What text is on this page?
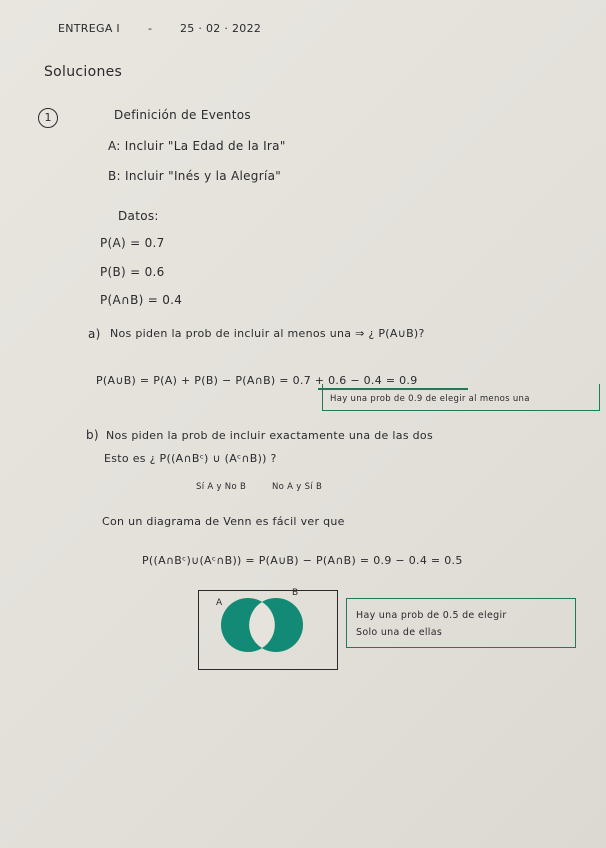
ENTREGA I	-	25 · 02 · 2022
Soluciones
1	Definición de Eventos
A: Incluir "La Edad de la Ira"
B: Incluir "Inés y la Alegría"
Datos:
P(A) = 0.7
P(B) = 0.6
P(A∩B) = 0.4
a) Nos piden la prob de incluir al menos una ⇒ ¿ P(A∪B)?
P(A∪B) = P(A) + P(B) − P(A∩B) = 0.7 + 0.6 − 0.4 = 0.9
Hay una prob de 0.9 de elegir al menos una
b) Nos piden la prob de incluir exactamente una de las dos
Esto es ¿ P((A∩Bᶜ) ∪ (Aᶜ∩B)) ?
Sí A y No B	No A y Sí B
Con un diagrama de Venn es fácil ver que
P((A∩Bᶜ)∪(Aᶜ∩B)) = P(A∪B) − P(A∩B) = 0.9 − 0.4 = 0.5
A
B
Hay una prob de 0.5 de elegir
Solo una de ellas
